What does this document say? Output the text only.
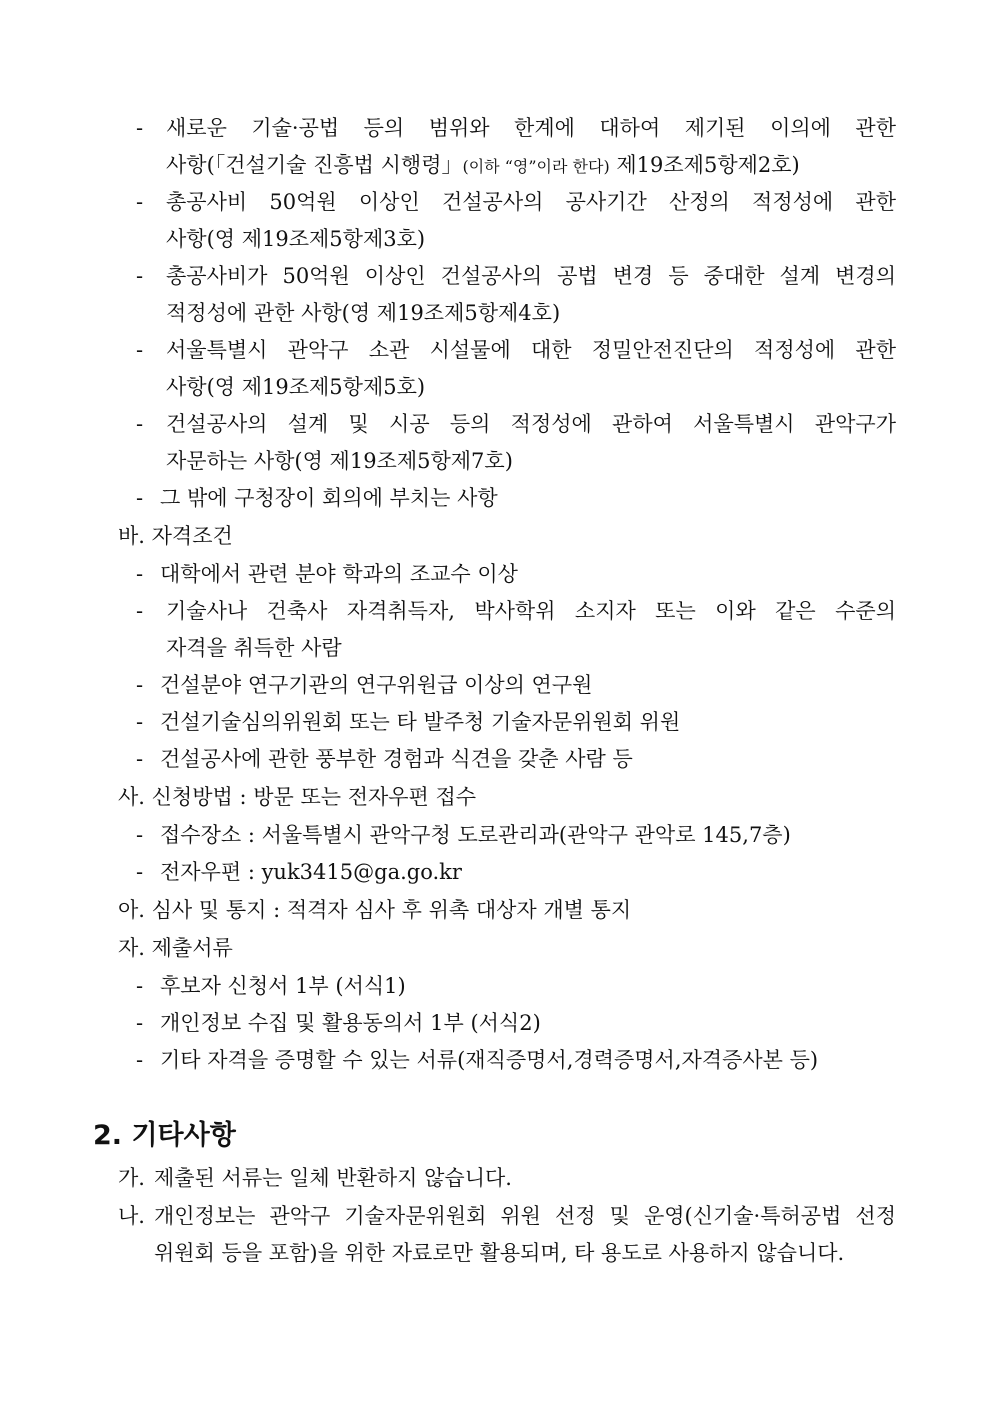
- 새로운 기술·공법 등의 범위와 한계에 대하여 제기된 이의에 관한
사항(「건설기술 진흥법 시행령」(이하 “영”이라 한다) 제19조제5항제2호)
- 총공사비 50억원 이상인 건설공사의 공사기간 산정의 적정성에 관한
사항(영 제19조제5항제3호)
- 총공사비가 50억원 이상인 건설공사의 공법 변경 등 중대한 설계 변경의
적정성에 관한 사항(영 제19조제5항제4호)
- 서울특별시 관악구 소관 시설물에 대한 정밀안전진단의 적정성에 관한
사항(영 제19조제5항제5호)
- 건설공사의 설계 및 시공 등의 적정성에 관하여 서울특별시 관악구가
자문하는 사항(영 제19조제5항제7호)
- 그 밖에 구청장이 회의에 부치는 사항
바. 자격조건
- 대학에서 관련 분야 학과의 조교수 이상
- 기술사나 건축사 자격취득자, 박사학위 소지자 또는 이와 같은 수준의
자격을 취득한 사람
- 건설분야 연구기관의 연구위원급 이상의 연구원
- 건설기술심의위원회 또는 타 발주청 기술자문위원회 위원
- 건설공사에 관한 풍부한 경험과 식견을 갖춘 사람 등
사. 신청방법 : 방문 또는 전자우편 접수
- 접수장소 : 서울특별시 관악구청 도로관리과(관악구 관악로 145,7층)
- 전자우편 : yuk3415@ga.go.kr
아. 심사 및 통지 : 적격자 심사 후 위촉 대상자 개별 통지
자. 제출서류
- 후보자 신청서 1부 (서식1)
- 개인정보 수집 및 활용동의서 1부 (서식2)
- 기타 자격을 증명할 수 있는 서류(재직증명서,경력증명서,자격증사본 등)
2. 기타사항
가. 제출된 서류는 일체 반환하지 않습니다.
나. 개인정보는 관악구 기술자문위원회 위원 선정 및 운영(신기술·특허공법 선정
위원회 등을 포함)을 위한 자료로만 활용되며, 타 용도로 사용하지 않습니다.
